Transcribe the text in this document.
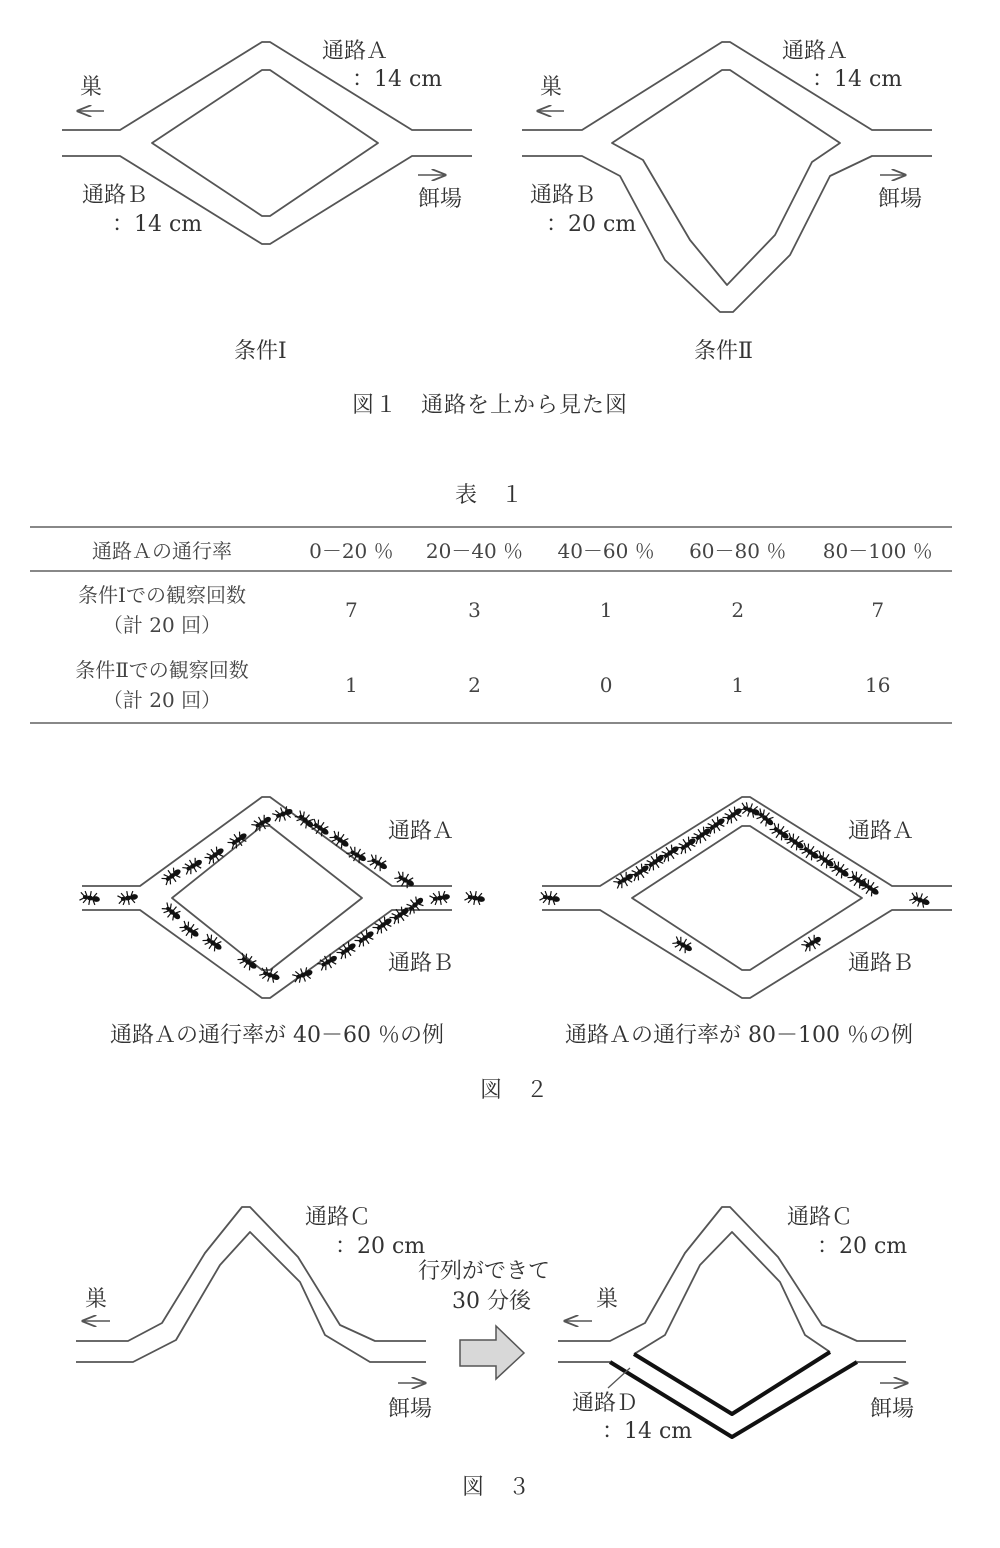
通路Ａ
：14 cm
巣
通路Ｂ
：14 cm
餌場
条件Ⅰ
通路Ａ
：14 cm
巣
通路Ｂ
：20 cm
餌場
条件Ⅱ
図１　通路を上から見た図
表　１
通路Ａの通行率	0－20 ％	20－40 ％	40－60 ％	60－80 ％	80－100 ％

条件Ⅰでの観察回数
（計 20 回）	7	3	1	2	7

条件Ⅱでの観察回数
（計 20 回）	1	2	0	1	16
通路Ａ
通路Ｂ
通路Ａ
通路Ｂ
通路Ａの通行率が 40－60 ％の例	通路Ａの通行率が 80－100 ％の例
図　２
通路Ｃ
：20 cm
巣
餌場
行列ができて
30 分後
通路Ｃ
：20 cm
巣
通路Ｄ
：14 cm
餌場
図　３
